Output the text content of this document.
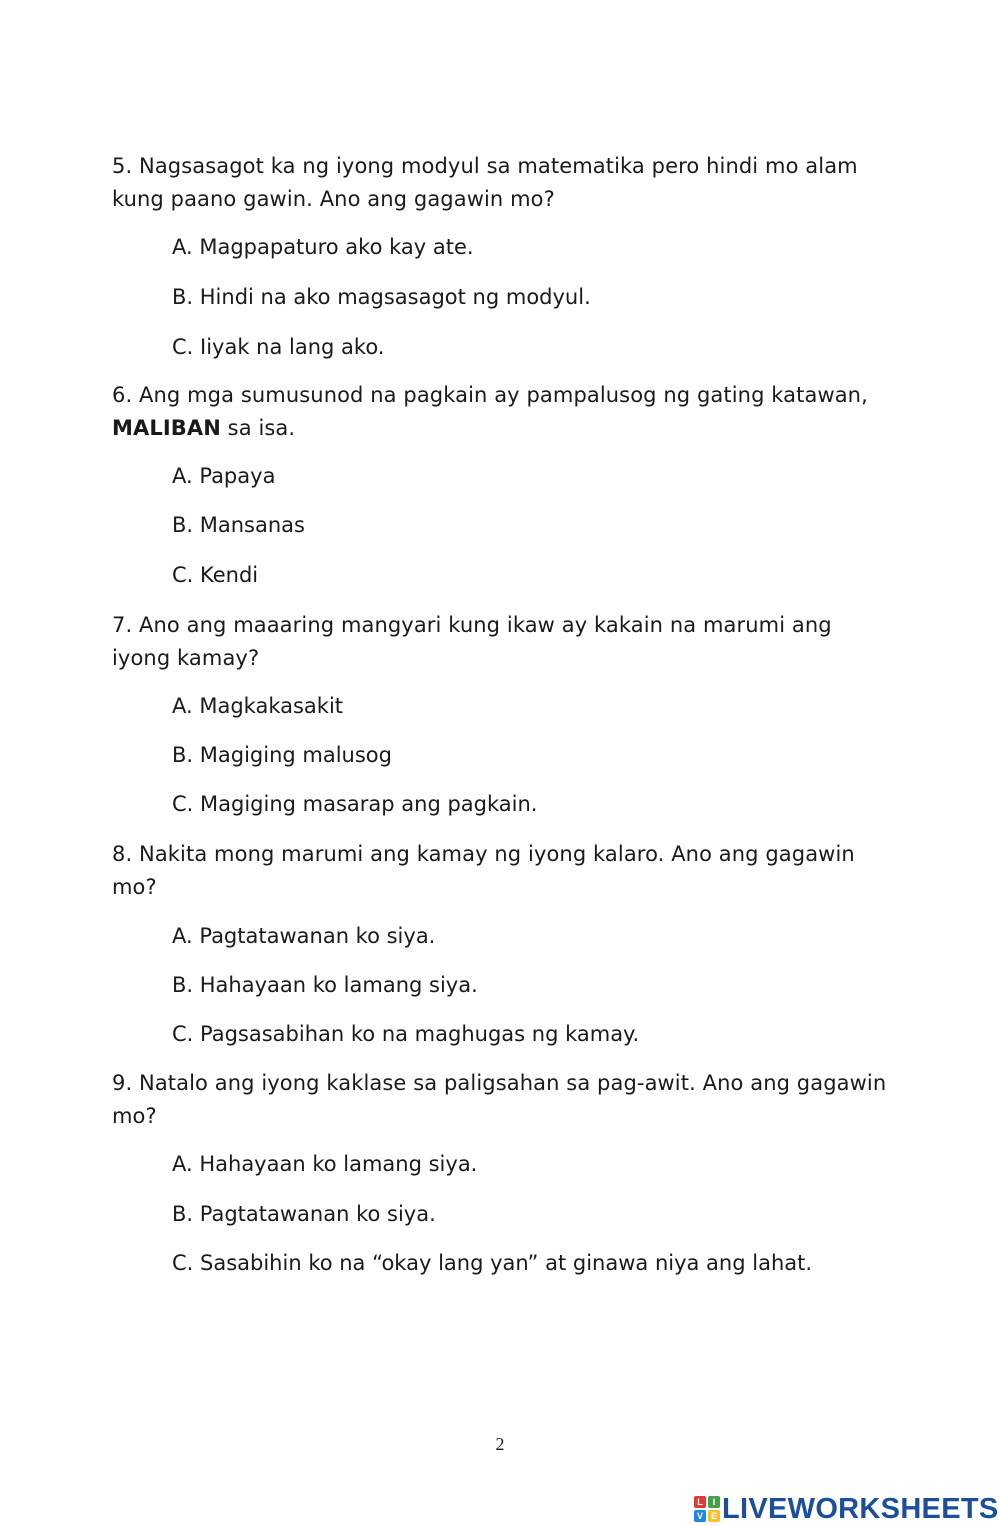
5. Nagsasagot ka ng iyong modyul sa matematika pero hindi mo alam kung paano gawin. Ano ang gagawin mo?
A. Magpapaturo ako kay ate.
B. Hindi na ako magsasagot ng modyul.
C. Iiyak na lang ako.
6. Ang mga sumusunod na pagkain ay pampalusog ng gating katawan, MALIBAN sa isa.
A. Papaya
B. Mansanas
C. Kendi
7. Ano ang maaaring mangyari kung ikaw ay kakain na marumi ang iyong kamay?
A. Magkakasakit
B. Magiging malusog
C. Magiging masarap ang pagkain.
8. Nakita mong marumi ang kamay ng iyong kalaro. Ano ang gagawin mo?
A. Pagtatawanan ko siya.
B. Hahayaan ko lamang siya.
C. Pagsasabihan ko na maghugas ng kamay.
9. Natalo ang iyong kaklase sa paligsahan sa pag-awit. Ano ang gagawin mo?
A. Hahayaan ko lamang siya.
B. Pagtatawanan ko siya.
C. Sasabihin ko na “okay lang yan” at ginawa niya ang lahat.
2
L	I
V E LIVEWORKSHEETS
